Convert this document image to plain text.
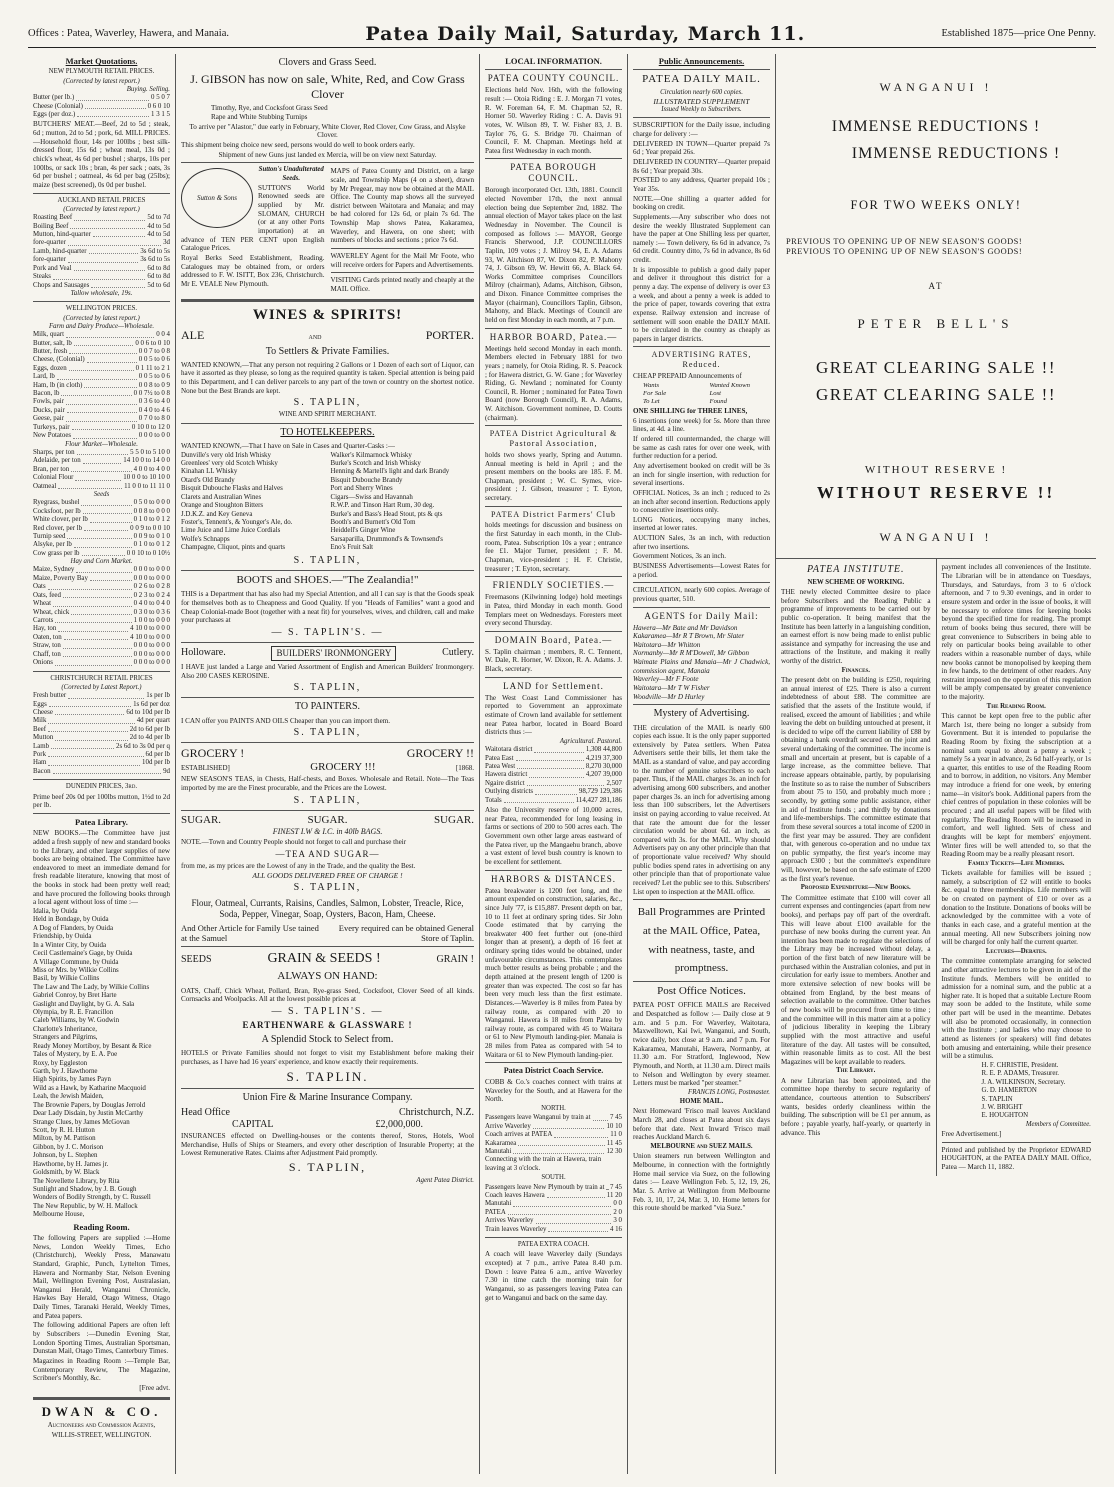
Offices : Patea, Waverley, Hawera, and Manaia.	Patea Daily Mail, Saturday, March 11.	Established 1875—price One Penny.
Market Quotations.
NEW PLYMOUTH RETAIL PRICES.
(Corrected by latest report.)
Buying. Selling.
Butter (per lb.)	0 5 0 7
Cheese (Colonial)	0 6 0 10
Eggs (per doz.)	1 3 1 5
BUTCHERS' MEAT.—Beef, 2d to 5d ; steak, 6d ; mutton, 2d to 5d ; pork, 6d. MILL PRICES.—Household flour, 14s per 100lbs ; best silk-dressed flour, 15s 6d ; wheat meal, 13s 0d ; chick's wheat, 4s 6d per bushel ; sharps, 10s per 100lbs, or sack 10s ; bran, 4s per sack ; oats, 3s 6d per bushel ; oatmeal, 4s 6d per bag (25lbs); maize (best screened), 0s 0d per bushel.
AUCKLAND RETAIL PRICES
(Corrected by latest report.)
Roasting Beef	5d to 7d
Boiling Beef	4d to 5d
Mutton, hind-quarter	4d to 5d
fore-quarter	3d
Lamb, hind-quarter	3s 6d to 5s
fore-quarter	3s 6d to 5s
Pork and Veal	6d to 8d
Steaks	6d to 8d
Chops and Sausages	5d to 6d
Tallow wholesale, 19s.
WELLINGTON PRICES.
(Corrected by latest report.)
Farm and Dairy Produce—Wholesale.
Milk, quart	0 0 4
Butter, salt, lb	0 0 6 to 0 10
Butter, fresh	0 0 7 to 0 8
Cheese, (Colonial)	0 0 5 to 0 6
Eggs, dozen	0 1 11 to 2 1
Lard, lb	0 0 5 to 0 6
Ham, lb (in cloth)	0 0 8 to 0 9
Bacon, lb	0 0 7½ to 0 8
Fowls, pair	0 3 6 to 4 0
Ducks, pair	0 4 0 to 4 6
Geese, pair	0 7 0 to 8 0
Turkeys, pair	0 10 0 to 12 0
New Potatoes	0 0 0 to 0 0
Flour Market—Wholesale.
Sharps, per ton	5 5 0 to 5 10 0
Adelaide, per ton	14 10 0 to 14 0 0
Bran, per ton	4 0 0 to 4 0 0
Colonial Flour	10 0 0 to 10 10 0
Oatmeal	11 0 0 to 11 11 0
Seeds
Ryegrass, bushel	0 5 0 to 0 0 0
Cocksfoot, per lb	0 0 8 to 0 0 0
White clover, per lb	0 1 0 to 0 1 2
Red clover, per lb	0 0 9 to 0 0 10
Turnip seed	0 0 9 to 0 1 0
Alsyke, per lb	0 1 0 to 0 1 2
Cow grass per lb	0 0 10 to 0 10½
Hay and Corn Market.
Maize, Sydney	0 0 0 to 0 0 0
Maize, Poverty Bay	0 0 0 to 0 0 0
Oats	0 2 6 to 0 2 8
Oats, feed	0 2 3 to 0 2 4
Wheat	0 4 0 to 0 4 0
Wheat, chick	0 3 0 to 0 3 6
Carrots	1 0 0 to 0 0 0
Hay, ton	4 10 0 to 0 0 0
Oaten, ton	4 10 0 to 0 0 0
Straw, ton	0 0 0 to 0 0 0
Chaff, ton	0 0 0 to 0 0 0
Onions	0 0 0 to 0 0 0
CHRISTCHURCH RETAIL PRICES
(Corrected by Latest Report.)
Fresh butter	1s per lb
Eggs	1s 6d per doz
Cheese	6d to 10d per lb
Milk	4d per quart
Beef	2d to 6d per lb
Mutton	2d to 4d per lb
Lamb	2s 6d to 3s 0d per q
Pork	6d per lb
Ham	10d per lb
Bacon	9d
DUNEDIN PRICES, 3rd.
Prime beef 20s 0d per 100lbs mutton, 1½d to 2d per lb.
Patea Library.
NEW BOOKS.—The Committee have just added a fresh supply of new and standard books to the Library, and other larger supplies of new books are being obtained. The Committee have endeavored to meet an immediate demand for fresh readable literature, knowing that most of the books in stock had been pretty well read; and have procured the following books through a local agent without loss of time :—
Idalia, by Ouida
Held in Bondage, by Ouida
A Dog of Flanders, by Ouida
Friendship, by Ouida
In a Winter City, by Ouida
Cecil Castlemaine's Gage, by Ouida
A Village Commune, by Ouida
Miss or Mrs. by Wilkie Collins
Basil, by Wilkie Collins
The Law and The Lady, by Wilkie Collins
Gabriel Conroy, by Bret Harte
Gaslight and Daylight, by G. A. Sala
Olympia, by R. E. Francillon
Caleb Williams, by W. Godwin
Charlotte's Inheritance,
Strangers and Pilgrims,
Ready Money Mortiboy, by Besant & Rice
Tales of Mystery, by E. A. Poe
Roxy, by Eggleston
Garth, by J. Hawthorne
High Spirits, by James Payn
Wild as a Hawk, by Katharine Macquoid
Leah, the Jewish Maiden,
The Brownie Papers, by Douglas Jerrold
Dear Lady Disdain, by Justin McCarthy
Strange Clues, by James McGovan
Scott, by R. H. Hutton
Milton, by M. Pattison
Gibbon, by J. C. Morison
Johnson, by L. Stephen
Hawthorne, by H. James jr.
Goldsmith, by W. Black
The Novellette Library, by Rita
Sunlight and Shadow, by J. B. Gough
Wonders of Bodily Strength, by C. Russell
The New Republic, by W. H. Mallock
Melbourne House,
Reading Room.
The following Papers are supplied :—Home News, London Weekly Times, Echo (Christchurch), Weekly Press, Manawatu Standard, Graphic, Punch, Lyttelton Times, Hawera and Normanby Star, Nelson Evening Mail, Wellington Evening Post, Australasian, Wanganui Herald, Wanganui Chronicle, Hawkes Bay Herald, Otago Witness, Otago Daily Times, Taranaki Herald, Weekly Times, and Patea papers.
The following additional Papers are often left by Subscribers :—Dunedin Evening Star, London Sporting Times, Australian Sportsman, Dunstan Mail, Otago Times, Canterbury Times.
Magazines in Reading Room :—Temple Bar, Contemporary Review, The Magazine, Scribner's Monthly, &c.
[Free advt.
DWAN & CO.
Auctioneers and Commission Agents,
WILLIS-STREET, WELLINGTON.
Clovers and Grass Seed.
J. GIBSON has now on sale, White, Red, and Cow Grass Clover
Timothy, Rye, and Cocksfoot Grass Seed
Rape and White Stubbing Turnips
To arrive per "Alastor," due early in February, White Clover, Red Clover, Cow Grass, and Alsyke Clover.
This shipment being choice new seed, persons would do well to book orders early.
Shipment of new Guns just landed ex Mercia, will be on view next Saturday.
Sutton & Sons
Sutton's Unadulterated Seeds.
SUTTON'S World Renowned seeds are supplied by Mr. SLOMAN, CHURCH (or at any other Ports importation) at an advance of TEN PER CENT upon English Catalogue Prices.
Royal Berks Seed Establishment, Reading. Catalogues may be obtained from, or orders addressed to F. W. ISITT, Box 236, Christchurch. Mr E. VEALE New Plymouth.
MAPS of Patea County and District, on a large scale, and Township Maps (4 on a sheet), drawn by Mr Pregear, may now be obtained at the MAIL Office. The County map shows all the surveyed district between Waitotara and Manaia; and may be had colored for 12s 6d, or plain 7s 6d. The Township Map shows Patea, Kakaramea, Waverley, and Hawera, on one sheet; with numbers of blocks and sections ; price 7s 6d.
WAVERLEY Agent for the Mail Mr Foote, who will receive orders for Papers and Advertisements.
VISITING Cards printed neatly and cheaply at the MAIL Office.
WINES & SPIRITS!
ALE	AND	PORTER.
To Settlers & Private Families.
WANTED KNOWN,—That any person not requiring 2 Gallons or 1 Dozen of each sort of Liquor, can have it assorted as they please, so long as the required quantity is taken. Special attention is being paid to this Department, and I can deliver parcels to any part of the town or country on the shortest notice. None but the Best Brands are kept.
S. TAPLIN,
WINE AND SPIRIT MERCHANT.
TO HOTELKEEPERS.
WANTED KNOWN,—That I have on Sale in Cases and Quarter-Casks :—
Dunville's very old Irish Whisky
Greenlees' very old Scotch Whisky
Kinahan LL Whisky
Otard's Old Brandy
Bisquit Dubouche Flasks and Halves
Clarets and Australian Wines
Orange and Stoughton Bitters
J.D.K.Z. and Key Geneva
Foster's, Tennent's, & Younger's Ale, do.
Lime Juice and Lime Juice Cordials
Wolfe's Schnapps
Champagne, Cliquot, pints and quarts
Walker's Kilmarnock Whisky
Burke's Scotch and Irish Whisky
Henning & Martell's light and dark Brandy
Bisquit Dubouche Brandy
Port and Sherry Wines
Cigars—Swiss and Havannah
R.W.P. and Tinson Hart Rum, 30 deg.
Burke's and Bass's Head Stout, pts & qts
Booth's and Burnett's Old Tom
Heiddell's Ginger Wine
Sarsaparilla, Drummond's & Townsend's
Eno's Fruit Salt
S. TAPLIN,
BOOTS and SHOES.—"The Zealandia!"
THIS is a Department that has also had my Special Attention, and all I can say is that the Goods speak for themselves both as to Cheapness and Good Quality. If you "Heads of Families" want a good and Cheap Colonial-made Boot (together with a neat fit) for yourselves, wives, and children, call and make your purchases at
— S. TAPLIN'S. —
Holloware.	BUILDERS' IRONMONGERY	Cutlery.
I HAVE just landed a Large and Varied Assortment of English and American Builders' Ironmongery. Also 200 CASES KEROSINE.
S. TAPLIN,
TO PAINTERS.
I CAN offer you PAINTS AND OILS Cheaper than you can import them.
S. TAPLIN,
GROCERY !	GROCERY !!
ESTABLISHED]	GROCERY !!!	[1868.
NEW SEASON'S TEAS, in Chests, Half-chests, and Boxes. Wholesale and Retail. Note—The Teas imported by me are the Finest procurable, and the Prices are the Lowest.
S. TAPLIN,
SUGAR.	SUGAR.	SUGAR.
FINEST I.W & I.C. in 40lb BAGS.
NOTE.—Town and Country People should not forget to call and purchase their
—TEA AND SUGAR—
from me, as my prices are the Lowest of any in the Trade, and the quality the Best.
ALL GOODS DELIVERED FREE OF CHARGE !
S. TAPLIN,
Flour, Oatmeal, Currants, Raisins, Candles, Salmon, Lobster, Treacle, Rice, Soda, Pepper, Vinegar, Soap, Oysters, Bacon, Ham, Cheese.
And Other Article for Family Use tained at the Samuel
Every required can be obtained General Store of Taplin.
SEEDS	GRAIN & SEEDS !	GRAIN !
ALWAYS ON HAND:
OATS, Chaff, Chick Wheat, Pollard, Bran, Rye-grass Seed, Cocksfoot, Clover Seed of all kinds. Cornsacks and Woolpacks. All at the lowest possible prices at
— S. TAPLIN'S. —
EARTHENWARE & GLASSWARE !
A Splendid Stock to Select from.
HOTELS or Private Families should not forget to visit my Establishment before making their purchases, as I have had 16 years' experience, and know exactly their requirements.
S. TAPLIN.
Union Fire & Marine Insurance Company.
Head Office	Christchurch, N.Z.
CAPITAL	£2,000,000.
INSURANCES effected on Dwelling-houses or the contents thereof, Stores, Hotels, Wool Merchandise, Hulls of Ships or Steamers, and every other description of Insurable Property; at the Lowest Remunerative Rates. Claims after Adjustment Paid promptly.
S. TAPLIN,
Agent Patea District.
LOCAL INFORMATION.
PATEA COUNTY COUNCIL.
Elections held Nov. 16th, with the following result :— Otoia Riding : E. J. Morgan 71 votes, R. W. Foreman 64, F. M. Chapman 52, R. Horner 50. Waverley Riding : C. A. Davis 91 votes, W. Wilson 89, T. W. Fisher 83, J. B. Taylor 76, G. S. Bridge 70. Chairman of Council, F. M. Chapman. Meetings held at Patea first Wednesday in each month.
PATEA BOROUGH COUNCIL.
Borough incorporated Oct. 13th, 1881. Council elected November 17th, the next annual election being due September 2nd, 1882. The annual election of Mayor takes place on the last Wednesday in November. The Council is composed as follows :— MAYOR, George Francis Sherwood, J.P. COUNCILLORS Taplin, 109 votes ; J. Milroy 94, E. A. Adams 93, W. Aitchison 87, W. Dixon 82, P. Mahony 74, J. Gibson 69, W. Hewitt 66, A. Black 64. Works Committee comprises Councillors Milroy (chairman), Adams, Aitchison, Gibson, and Dixon. Finance Committee comprises the Mayor (chairman), Councillors Taplin, Gibson, Mahony, and Black. Meetings of Council are held on first Monday in each month, at 7 p.m.
HARBOR BOARD, Patea.—
Meetings held second Monday in each month. Members elected in February 1881 for two years ; namely, for Otoia Riding, R. S. Peacock ; for Hawera district, G. W. Gane ; for Waverley Riding, G. Newland ; nominated for County Council, R. Horner ; nominated for Patea Town Board (now Borough Council), R. A. Adams, W. Aitchison. Government nominee, D. Coutts (chairman).
PATEA District Agricultural & Pastoral Association,
holds two shows yearly, Spring and Autumn. Annual meeting is held in April ; and the present members on the books are 185. F. M. Chapman, president ; W. C. Symes, vice-president ; J. Gibson, treasurer ; T. Eyton, secretary.
PATEA District Farmers' Club
holds meetings for discussion and business on the first Saturday in each month, in the Club-room, Patea. Subscription 10s a year ; entrance fee £1. Major Turner, president ; F. M. Chapman, vice-president ; H. F. Christie, treasurer ; T. Eyton, secretary.
FRIENDLY SOCIETIES.—
Freemasons (Kilwinning lodge) hold meetings in Patea, third Monday in each month. Good Templars meet on Wednesdays. Foresters meet every second Thursday.
DOMAIN Board, Patea.—
S. Taplin chairman ; members, R. C. Tennent, W. Dale, R. Horner, W. Dixon, R. A. Adams. J. Black, secretary.
LAND for Settlement.
The West Coast Land Commissioner has reported to Government an approximate estimate of Crown land available for settlement near Patea harbor, located in Board Board districts thus :—
Agricultural. Pastoral.
Waitotara district	1,308 44,800
Patea East	4,219 37,300
Patea West	8,270 30,000
Hawera district	4,207 39,000
Ngaire district	2,507
Outlying districts	98,729 129,386
Totals	114,427 281,186
Also the University reserve of 10,000 acres, near Patea, recommended for long leasing in farms or sections of 200 to 500 acres each. The Government own other large areas eastward of the Patea river, up the Mangaehu branch, above a vast extent of level bush country is known to be excellent for settlement.
HARBORS & DISTANCES.
Patea breakwater is 1200 feet long, and the amount expended on construction, salaries, &c., since July '77, is £15,887. Present depth on bar, 10 to 11 feet at ordinary spring tides. Sir John Coode estimated that by carrying the breakwater 400 feet further out (one-third longer than at present), a depth of 16 feet at ordinary spring tides would be obtained, under unfavourable circumstances. This contemplates much better results as being probable ; and the depth attained at the present length of 1200 is greater than was expected. The cost so far has been very much less than the first estimate. Distances.—Waverley is 8 miles from Patea by railway route, as compared with 20 to Wanganui. Hawera is 18 miles from Patea by railway route, as compared with 45 to Waitara or 61 to New Plymouth landing-pier. Manaia is 28 miles from Patea as compared with 54 to Waitara or 61 to New Plymouth landing-pier.
Patea District Coach Service.
COBB & Co.'s coaches connect with trains at Waverley for the South, and at Hawera for the North.
NORTH.
Passengers leave Wanganui by train at	7 45
Arrive Waverley	10 10
Coach arrives at PATEA	11 0
Kakaramea	11 45
Manutahi	12 30
Connecting with the train at Hawera, train leaving at 3 o'clock.
SOUTH.
Passengers leave New Plymouth by train at 7 45
Coach leaves Hawera	11 20
Manutahi	0 0
PATEA	2 0
Arrives Waverley	3 0
Train leaves Waverley	4 16
PATEA EXTRA COACH.
A coach will leave Waverley daily (Sundays excepted) at 7 p.m., arrive Patea 8.40 p.m. Down : leave Patea 6 a.m., arrive Waverley 7.30 in time catch the morning train for Wanganui, so as passengers leaving Patea can get to Wanganui and back on the same day.
Public Announcements.
PATEA DAILY MAIL.
Circulation nearly 600 copies.
ILLUSTRATED SUPPLEMENT
Issued Weekly to Subscribers.
SUBSCRIPTION for the Daily issue, including charge for delivery :—
DELIVERED IN TOWN—Quarter prepaid 7s 6d ; Year prepaid 26s.
DELIVERED IN COUNTRY—Quarter prepaid 8s 6d ; Year prepaid 30s.
POSTED to any address, Quarter prepaid 10s ; Year 35s.
NOTE.—One shilling a quarter added for booking on credit.
Supplements.—Any subscriber who does not desire the weekly Illustrated Supplement can have the paper at One Shilling less per quarter, namely :— Town delivery, 6s 6d in advance, 7s 6d credit. Country ditto, 7s 6d in advance, 8s 6d credit.
It is impossible to publish a good daily paper and deliver it throughout this district for a penny a day. The expense of delivery is over £3 a week, and about a penny a week is added to the price of paper, towards covering that extra expense. Railway extension and increase of settlement will soon enable the DAILY MAIL to be circulated in the country as cheaply as papers in larger districts.
ADVERTISING RATES, Reduced.
CHEAP PREPAID Announcements of
Wants
For Sale
To Let
Wanted Known
Lost
Found
ONE SHILLING for THREE LINES,
6 insertions (one week) for 5s. More than three lines, at 4d. a line.
If ordered till countermanded, the charge will be same as cash rates for over one week, with further reduction for a period.
Any advertisement booked on credit will be 3s an inch for single insertion, with reduction for several insertions.
OFFICIAL Notices, 3s an inch ; reduced to 2s an inch after second insertion. Reductions apply to consecutive insertions only.
LONG Notices, occupying many inches, inserted at lower rates.
AUCTION Sales, 3s an inch, with reduction after two insertions.
Government Notices, 3s an inch.
BUSINESS Advertisements—Lowest Rates for a period.
CIRCULATION, nearly 600 copies. Average of previous quarter, 510.
AGENTS for Daily Mail:
Hawera—Mr Bate and Mr Davidson
Kakaramea—Mr R T Brown, Mr Slater
Waitotara—Mr Whitton
Normanby—Mr R M'Dowell, Mr Gibbon
Waimate Plains and Manaia—Mr J Chadwick, commission agent, Manaia
Waverley—Mr F Foote
Waitotara—Mr T W Fisher
Woodville—Mr D Hurley
Mystery of Advertising.
THE circulation of the MAIL is nearly 600 copies each issue. It is the only paper supported extensively by Patea settlers. When Patea Advertisers settle their bills, let them take the MAIL as a standard of value, and pay according to the number of genuine subscribers to each paper. Thus, if the MAIL charges 3s. an inch for advertising among 600 subscribers, and another paper charges 3s. an inch for advertising among less than 100 subscribers, let the Advertisers insist on paying according to value received. At that rate the amount due for the lesser circulation would be about 6d. an inch, as compared with 3s. for the MAIL. Why should Advertisers pay on any other principle than that of proportionate value received? Why should public bodies spend rates in advertising on any other principle than that of proportionate value received? Let the public see to this. Subscribers' List open to inspection at the MAIL office.
Ball Programmes are Printed at the MAIL Office, Patea, with neatness, taste, and promptness.
Post Office Notices.
PATEA POST OFFICE MAILS are Received and Despatched as follow :— Daily close at 9 a.m. and 5 p.m. For Waverley, Waitotara, Maxwelltown, Kai Iwi, Wanganui, and South, twice daily, box close at 9 a.m. and 7 p.m. For Kakaramea, Manutahi, Hawera, Normanby, at 11.30 a.m. For Stratford, Inglewood, New Plymouth, and North, at 11.30 a.m. Direct mails to Nelson and Wellington by every steamer. Letters must be marked "per steamer."
FRANCIS LONG, Postmaster.
HOME MAIL.
Next Homeward 'Frisco mail leaves Auckland March 28, and closes at Patea about six days before that date. Next Inward 'Frisco mail reaches Auckland March 6.
MELBOURNE and SUEZ MAILS.
Union steamers run between Wellington and Melbourne, in connection with the fortnightly Home mail service via Suez, on the following dates :— Leave Wellington Feb. 5, 12, 19, 26, Mar. 5. Arrive at Wellington from Melbourne Feb. 3, 10, 17, 24, Mar. 3, 10. Home letters for this route should be marked "via Suez."
WANGANUI !
IMMENSE REDUCTIONS !
IMMENSE REDUCTIONS !
FOR TWO WEEKS ONLY!
PREVIOUS TO OPENING UP OF NEW SEASON'S GOODS!
PREVIOUS TO OPENING UP OF NEW SEASON'S GOODS!
AT
PETER BELL'S
GREAT CLEARING SALE !!
GREAT CLEARING SALE !!
WITHOUT RESERVE !
WITHOUT RESERVE !!
WANGANUI !
PATEA INSTITUTE.
NEW SCHEME OF WORKING.
THE newly elected Committee desire to place before Subscribers and the Reading Public a programme of improvements to be carried out by public co-operation. It being manifest that the Institute has been latterly in a languishing condition, an earnest effort is now being made to enlist public assistance and sympathy for increasing the use and attractions of the Institute, and making it really worthy of the district.
Finances.
The present debt on the building is £250, requiring an annual interest of £25. There is also a current indebtedness of about £88. The committee are satisfied that the assets of the Institute would, if realised, exceed the amount of liabilities ; and while leaving the debt on building untouched at present, it is decided to wipe off the current liability of £88 by obtaining a bank overdraft secured on the joint and several undertaking of the committee. The income is small and uncertain at present, but is capable of a large increase, as the committee believe. That increase appears obtainable, partly, by popularising the Institute so as to raise the number of Subscribers from about 75 to 150, and probably much more ; secondly, by getting some public assistance, either in aid of Institute funds ; and thirdly by donations and life-memberships. The committee estimate that from these several sources a total income of £200 in the first year may be assured. They are confident that, with generous co-operation and no undue tax on public sympathy, the first year's income may approach £300 ; but the committee's expenditure will, however, be based on the safe estimate of £200 as the first year's revenue.
Proposed Expenditure—New Books.
The Committee estimate that £100 will cover all current expenses and contingencies (apart from new books), and perhaps pay off part of the overdraft. This will leave about £100 available for the purchase of new books during the current year. An intention has been made to regulate the selections of the Library may be increased without delay, a portion of the first batch of new literature will be purchased within the Australian colonies, and put in circulation for early issue to members. Another and more extensive selection of new books will be obtained from England, by the best means of selection available to the committee. Other batches of new books will be procured from time to time ; and the committee will in this matter aim at a policy of judicious liberality in keeping the Library supplied with the most attractive and useful literature of the day. All tastes will be consulted, within reasonable limits as to cost. All the best Magazines will be kept available to readers.
The Library.
A new Librarian has been appointed, and the committee hope thereby to secure regularity of attendance, courteous attention to Subscribers' wants, besides orderly cleanliness within the building. The subscription will be £1 per annum, as before ; payable yearly, half-yearly, or quarterly in advance. This
payment includes all conveniences of the Institute. The Librarian will be in attendance on Tuesdays, Thursdays, and Saturdays, from 3 to 6 o'clock afternoon, and 7 to 9.30 evenings, and in order to ensure system and order in the issue of books, it will be necessary to enforce times for keeping books beyond the specified time for reading. The prompt return of books being thus secured, there will be great convenience to Subscribers in being able to rely on particular books being available to other readers within a reasonable number of days, while new books cannot be monopolised by keeping them in few hands, to the detriment of other readers. Any restraint imposed on the operation of this regulation will be amply compensated by greater convenience to the majority.
The Reading Room.
This cannot be kept open free to the public after March 1st, there being no longer a subsidy from Government. But it is intended to popularise the Reading Room by fixing the subscription at a nominal sum equal to about a penny a week ; namely 5s a year in advance, 2s 6d half-yearly, or 1s a quarter, this entitles to use of the Reading Room and to borrow, in addition, no visitors. Any Member may introduce a friend for one week, by entering name—in visitor's book. Additional papers from the chief centres of population in these colonies will be procured ; and all useful papers will be filed with regularity. The Reading Room will be increased in comfort, and well lighted. Sets of chess and draughts will be kept for members' enjoyment. Winter fires will be well attended to, so that the Reading Room may be a really pleasant resort.
Family Tickets—Life Members.
Tickets available for families will be issued ; namely, a subscription of £2 will entitle to books &c. equal to three memberships. Life members will be on created on payment of £10 or over as a donation to the Institute. Donations of books will be acknowledged by the committee with a vote of thanks in each case, and a grateful mention at the annual meeting. All new Subscribers joining now will be charged for only half the current quarter.
Lectures—Debates.
The committee contemplate arranging for selected and other attractive lectures to be given in aid of the Institute funds. Members will be entitled to admission for a nominal sum, and the public at a higher rate. It is hoped that a suitable Lecture Room may soon be added to the Institute, while some other part will be used in the meantime. Debates will also be promoted occasionally, in connection with the Institute ; and ladies who may choose to attend as listeners (or speakers) will find debates both amusing and entertaining, while their presence will be a stimulus.
H. F. CHRISTIE, President.
R. E. P. ADAMS, Treasurer.
J. A. WILKINSON, Secretary.
G. D. HAMERTON
S. TAPLIN
J. W. BRIGHT
E. HOUGHTON
Members of Committee.
Free Advertisement.]
Printed and published by the Proprietor EDWARD HOUGHTON, at the PATEA DAILY MAIL Office, Patea — March 11, 1882.
